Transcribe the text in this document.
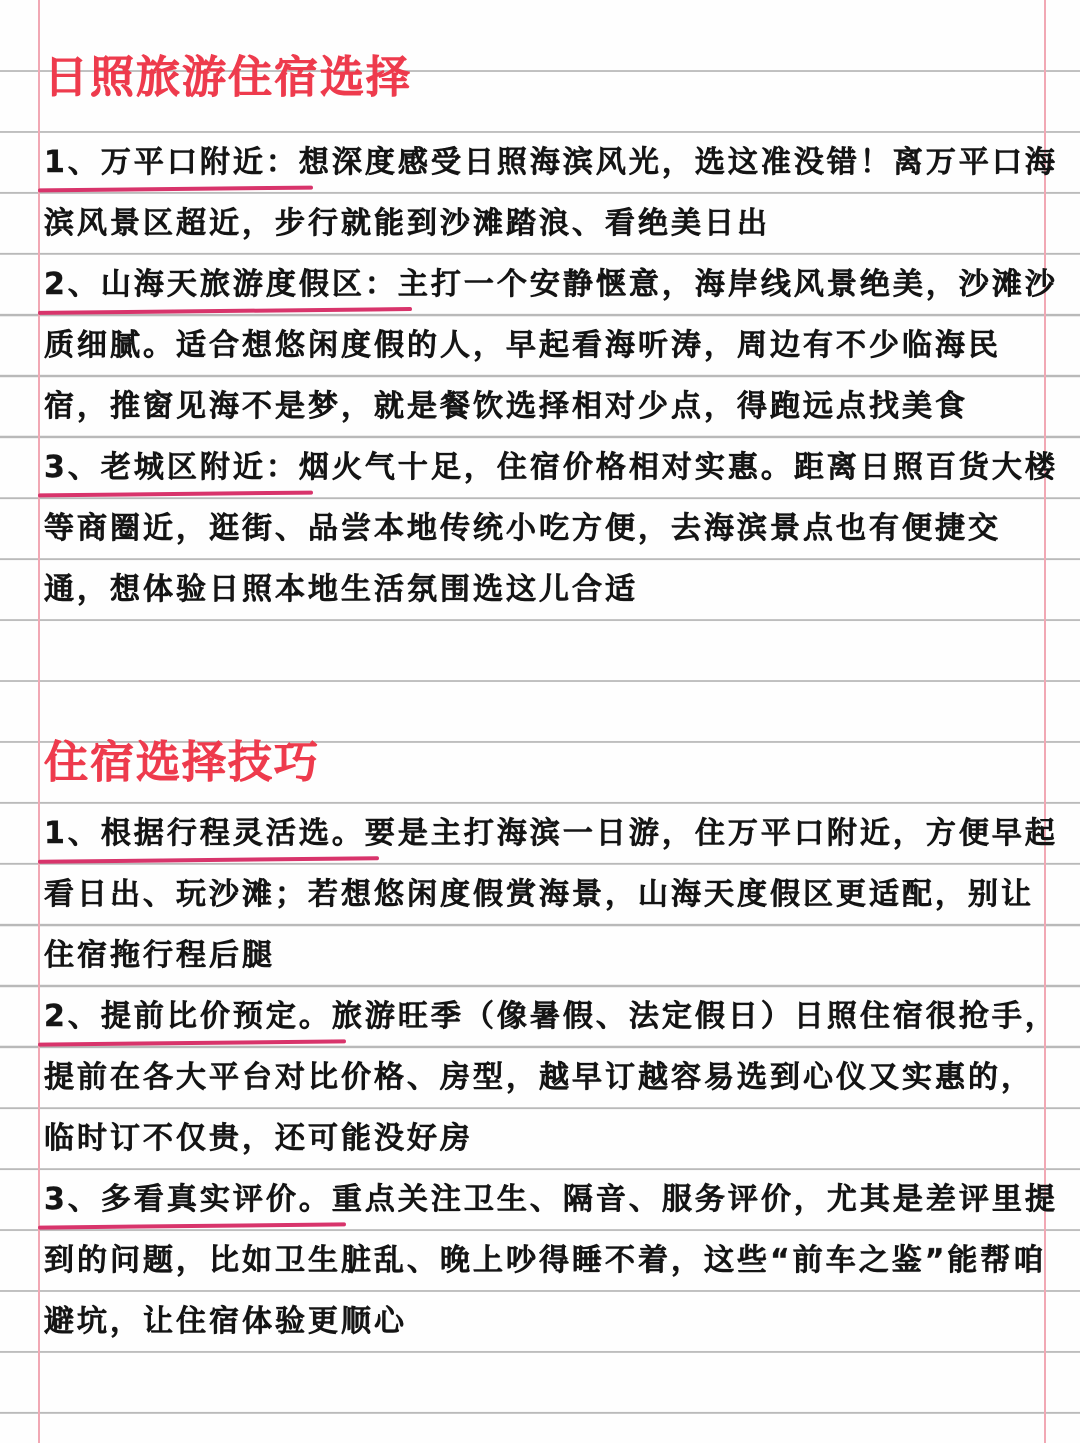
日照旅游住宿选择

1、万平口附近：
想深度感受日照海滨风光，选这准没错！离万平口海滨风景区超近，步行就能到沙滩踏浪、看绝美日出

2、山海天旅游度假区：
主打一个安静惬意，海岸线风景绝美，沙滩沙质细腻。适合想悠闲度假的人，早起看海听涛，周边有不少临海民宿，推窗见海不是梦，就是餐饮选择相对少点，得跑远点找美食

3、老城区附近：
烟火气十足，住宿价格相对实惠。距离日照百货大楼等商圈近，逛街、品尝本地传统小吃方便，去海滨景点也有便捷交通，想体验日照本地生活氛围选这儿合适

住宿选择技巧

1、根据行程灵活选。
要是主打海滨一日游，住万平口附近，方便早起看日出、玩沙滩；若想悠闲度假赏海景，山海天度假区更适配，别让住宿拖行程后腿

2、提前比价预定。
旅游旺季（像暑假、法定假日）日照住宿很抢手，提前在各大平台对比价格、房型，越早订越容易选到心仪又实惠的，临时订不仅贵，还可能没好房

3、多看真实评价。
重点关注卫生、隔音、服务评价，尤其是差评里提到的问题，比如卫生脏乱、晚上吵得睡不着，这些“前车之鉴”能帮咱避坑，让住宿体验更顺心
